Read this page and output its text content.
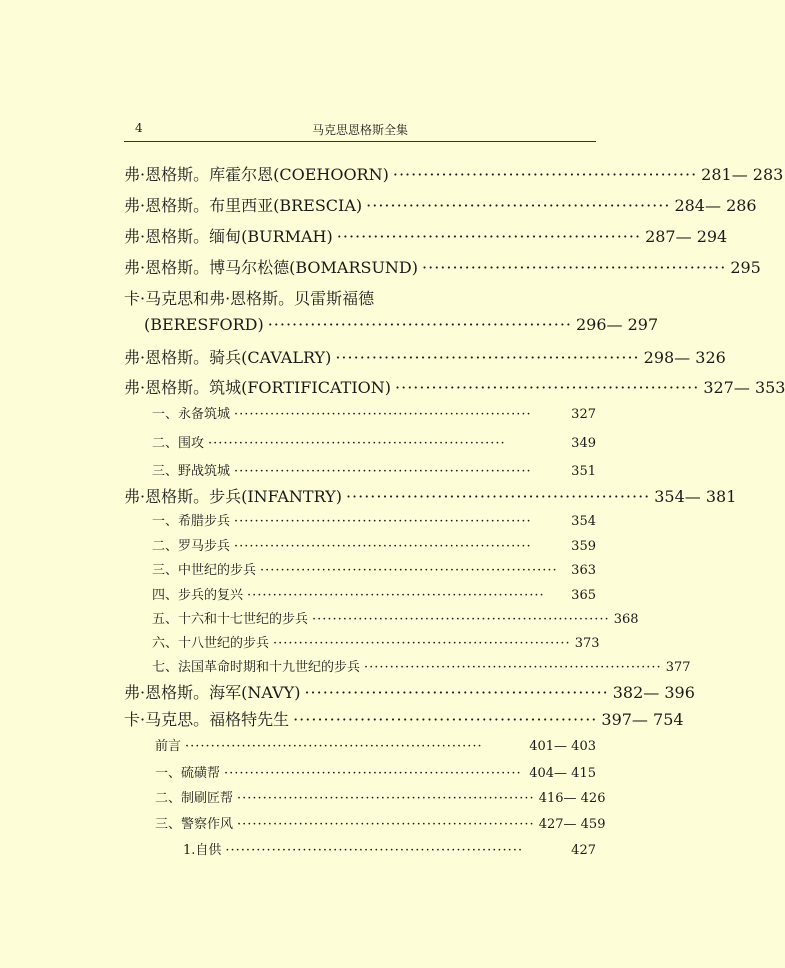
4	马克思恩格斯全集
弗·恩格斯。库霍尔恩(COEHOORN) ·················································· 281— 283
弗·恩格斯。布里西亚(BRESCIA) ·················································· 284— 286
弗·恩格斯。缅甸(BURMAH) ·················································· 287— 294
弗·恩格斯。博马尔松德(BOMARSUND) ·················································· 295
卡·马克思和弗·恩格斯。贝雷斯福德
(BERESFORD) ·················································· 296— 297
弗·恩格斯。骑兵(CAVALRY) ·················································· 298— 326
弗·恩格斯。筑城(FORTIFICATION) ·················································· 327— 353
一、永备筑城 ··························································	327
二、围攻 ··························································	349
三、野战筑城 ··························································	351
弗·恩格斯。步兵(INFANTRY) ·················································· 354— 381
一、希腊步兵 ··························································	354
二、罗马步兵 ··························································	359
三、中世纪的步兵 ··························································	363
四、步兵的复兴 ··························································	365
五、十六和十七世纪的步兵 ·························································· 368
六、十八世纪的步兵 ·························································· 373
七、法国革命时期和十九世纪的步兵 ·························································· 377
弗·恩格斯。海军(NAVY) ·················································· 382— 396
卡·马克思。福格特先生 ·················································· 397— 754
前言 ··························································	401— 403
一、硫磺帮 ·························································· 404— 415
二、制刷匠帮 ·························································· 416— 426
三、警察作风 ·························································· 427— 459
1.自供 ··························································	427
